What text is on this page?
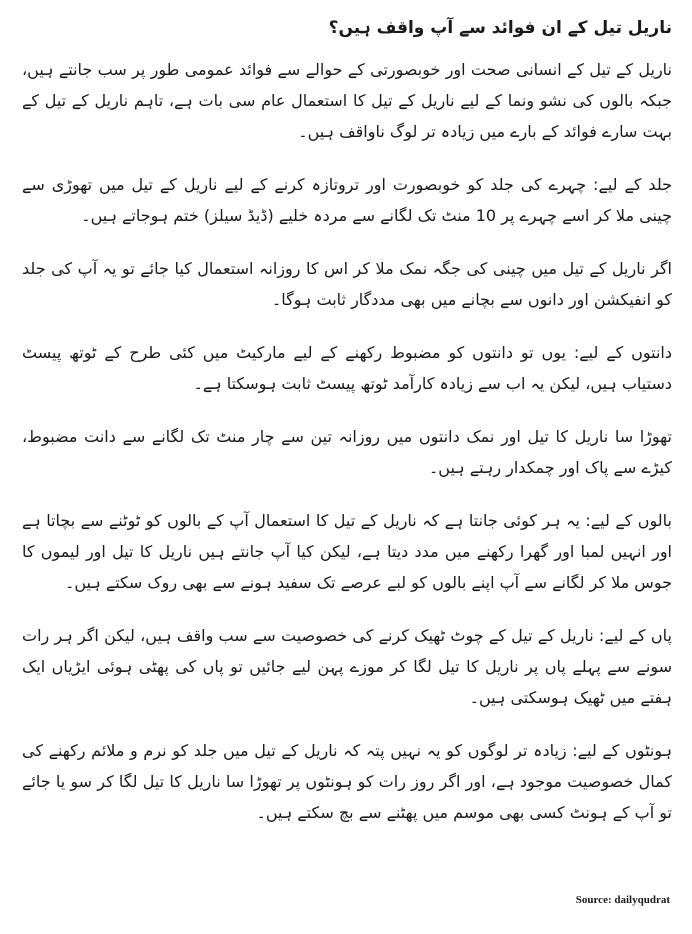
ناریل تیل کے ان فوائد سے آپ واقف ہیں؟

ناریل کے تیل کے انسانی صحت اور خوبصورتی کے حوالے سے فوائد عمومی طور پر سب جانتے ہیں، جبکہ بالوں کی نشو ونما کے لیے ناریل کے تیل کا استعمال عام سی بات ہے، تاہم ناریل کے تیل کے بہت سارے فوائد کے بارے میں زیادہ تر لوگ ناواقف ہیں۔

جلد کے لیے: چہرے کی جلد کو خوبصورت اور تروتازہ کرنے کے لیے ناریل کے تیل میں تھوڑی سے چینی ملا کر اسے چہرے پر 10 منٹ تک لگانے سے مردہ خلیے (ڈیڈ سیلز) ختم ہوجاتے ہیں۔

اگر ناریل کے تیل میں چینی کی جگہ نمک ملا کر اس کا روزانہ استعمال کیا جائے تو یہ آپ کی جلد کو انفیکشن اور دانوں سے بچانے میں بھی مددگار ثابت ہوگا۔

دانتوں کے لیے: یوں تو دانتوں کو مضبوط رکھنے کے لیے مارکیٹ میں کئی طرح کے ٹوتھ پیسٹ دستیاب ہیں، لیکن یہ اب سے زیادہ کارآمد ٹوتھ پیسٹ ثابت ہوسکتا ہے۔

تھوڑا سا ناریل کا تیل اور نمک دانتوں میں روزانہ تین سے چار منٹ تک لگانے سے دانت مضبوط، کیڑے سے پاک اور چمکدار رہتے ہیں۔

بالوں کے لیے: یہ ہر کوئی جانتا ہے کہ ناریل کے تیل کا استعمال آپ کے بالوں کو ٹوٹنے سے بچاتا ہے اور انہیں لمبا اور گھرا رکھنے میں مدد دیتا ہے، لیکن کیا آپ جانتے ہیں ناریل کا تیل اور لیموں کا جوس ملا کر لگانے سے آپ اپنے بالوں کو لبے عرصے تک سفید ہونے سے بھی روک سکتے ہیں۔

پاں کے لیے: ناریل کے تیل کے چوٹ ٹھیک کرنے کی خصوصیت سے سب واقف ہیں، لیکن اگر ہر رات سونے سے پہلے پاں پر ناریل کا تیل لگا کر موزے پہن لیے جائیں تو پاں کی پھٹی ہوئی ایڑیاں ایک ہفتے میں ٹھیک ہوسکتی ہیں۔

ہونٹوں کے لیے: زیادہ تر لوگوں کو یہ نہیں پتہ کہ ناریل کے تیل میں جلد کو نرم و ملائم رکھنے کی کمال خصوصیت موجود ہے، اور اگر روز رات کو ہونٹوں پر تھوڑا سا ناریل کا تیل لگا کر سو یا جائے تو آپ کے ہونٹ کسی بھی موسم میں پھٹنے سے بچ سکتے ہیں۔

Source: dailyqudrat
